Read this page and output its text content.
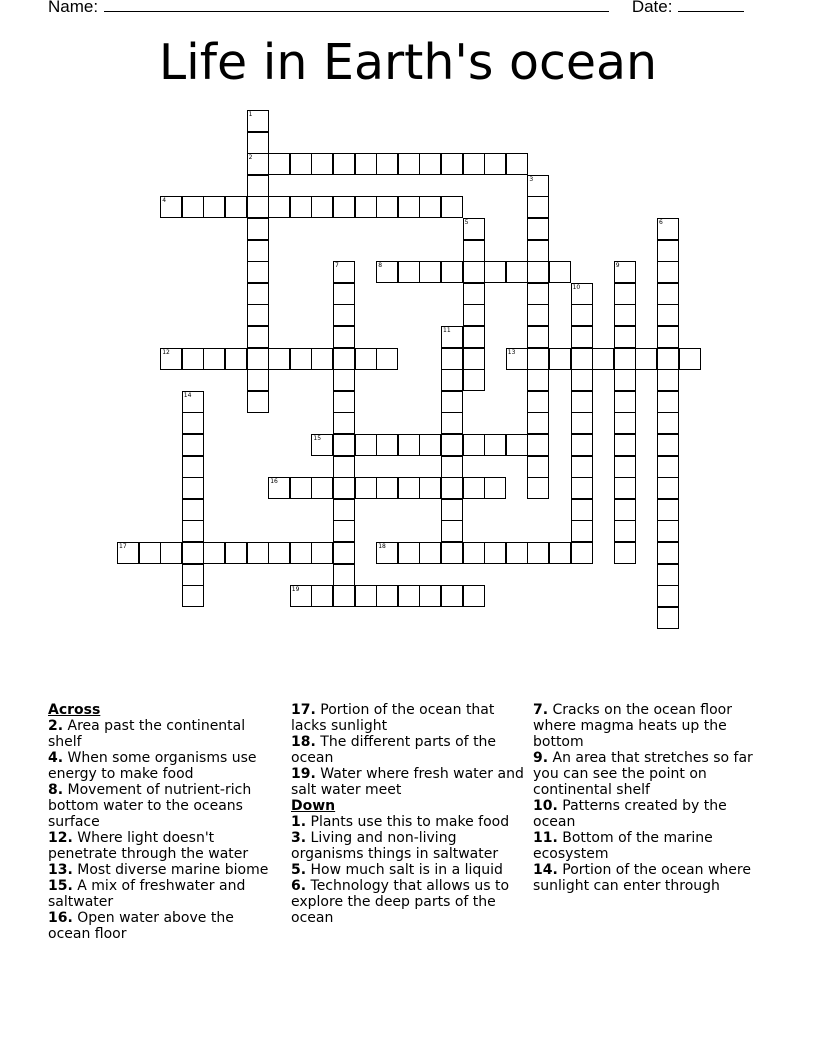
Name:	Date:
Life in Earth's ocean
1
2
3
4
5	6
7	8	9
10
11
12	13
14
15
16
17	18
19
Across
2. Area past the continental shelf
4. When some organisms use energy to make food
8. Movement of nutrient-rich bottom water to the oceans surface
12. Where light doesn't penetrate through the water
13. Most diverse marine biome
15. A mix of freshwater and saltwater
16. Open water above the ocean floor
17. Portion of the ocean that lacks sunlight
18. The different parts of the ocean
19. Water where fresh water and salt water meet
Down
1. Plants use this to make food
3. Living and non-living organisms things in saltwater
5. How much salt is in a liquid
6. Technology that allows us to explore the deep parts of the ocean
7. Cracks on the ocean floor where magma heats up the bottom
9. An area that stretches so far you can see the point on continental shelf
10. Patterns created by the ocean
11. Bottom of the marine ecosystem
14. Portion of the ocean where sunlight can enter through
